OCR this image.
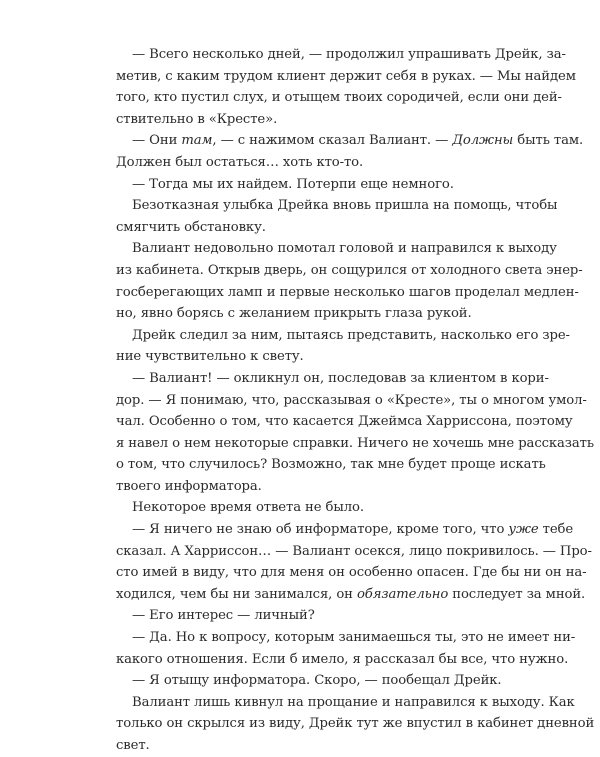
— Всего несколько дней, — продолжил упрашивать Дрейк, за-
метив, с каким трудом клиент держит себя в руках. — Мы найдем
того, кто пустил слух, и отыщем твоих сородичей, если они дей-
ствительно в «Кресте».
— Они там, — с нажимом сказал Валиант. — Должны быть там.
Должен был остаться… хоть кто-то.
— Тогда мы их найдем. Потерпи еще немного.
Безотказная улыбка Дрейка вновь пришла на помощь, чтобы
смягчить обстановку.
Валиант недовольно помотал головой и направился к выходу
из кабинета. Открыв дверь, он сощурился от холодного света энер-
госберегающих ламп и первые несколько шагов проделал медлен-
но, явно борясь с желанием прикрыть глаза рукой.
Дрейк следил за ним, пытаясь представить, насколько его зре-
ние чувствительно к свету.
— Валиант! — окликнул он, последовав за клиентом в кори-
дор. — Я понимаю, что, рассказывая о «Кресте», ты о многом умол-
чал. Особенно о том, что касается Джеймса Харриссона, поэтому
я навел о нем некоторые справки. Ничего не хочешь мне рассказать
о том, что случилось? Возможно, так мне будет проще искать
твоего информатора.
Некоторое время ответа не было.
— Я ничего не знаю об информаторе, кроме того, что уже тебе
сказал. А Харриссон… — Валиант осекся, лицо покривилось. — Про-
сто имей в виду, что для меня он особенно опасен. Где бы ни он на-
ходился, чем бы ни занимался, он обязательно последует за мной.
— Его интерес — личный?
— Да. Но к вопросу, которым занимаешься ты, это не имеет ни-
какого отношения. Если б имело, я рассказал бы все, что нужно.
— Я отыщу информатора. Скоро, — пообещал Дрейк.
Валиант лишь кивнул на прощание и направился к выходу. Как
только он скрылся из виду, Дрейк тут же впустил в кабинет дневной
свет.
